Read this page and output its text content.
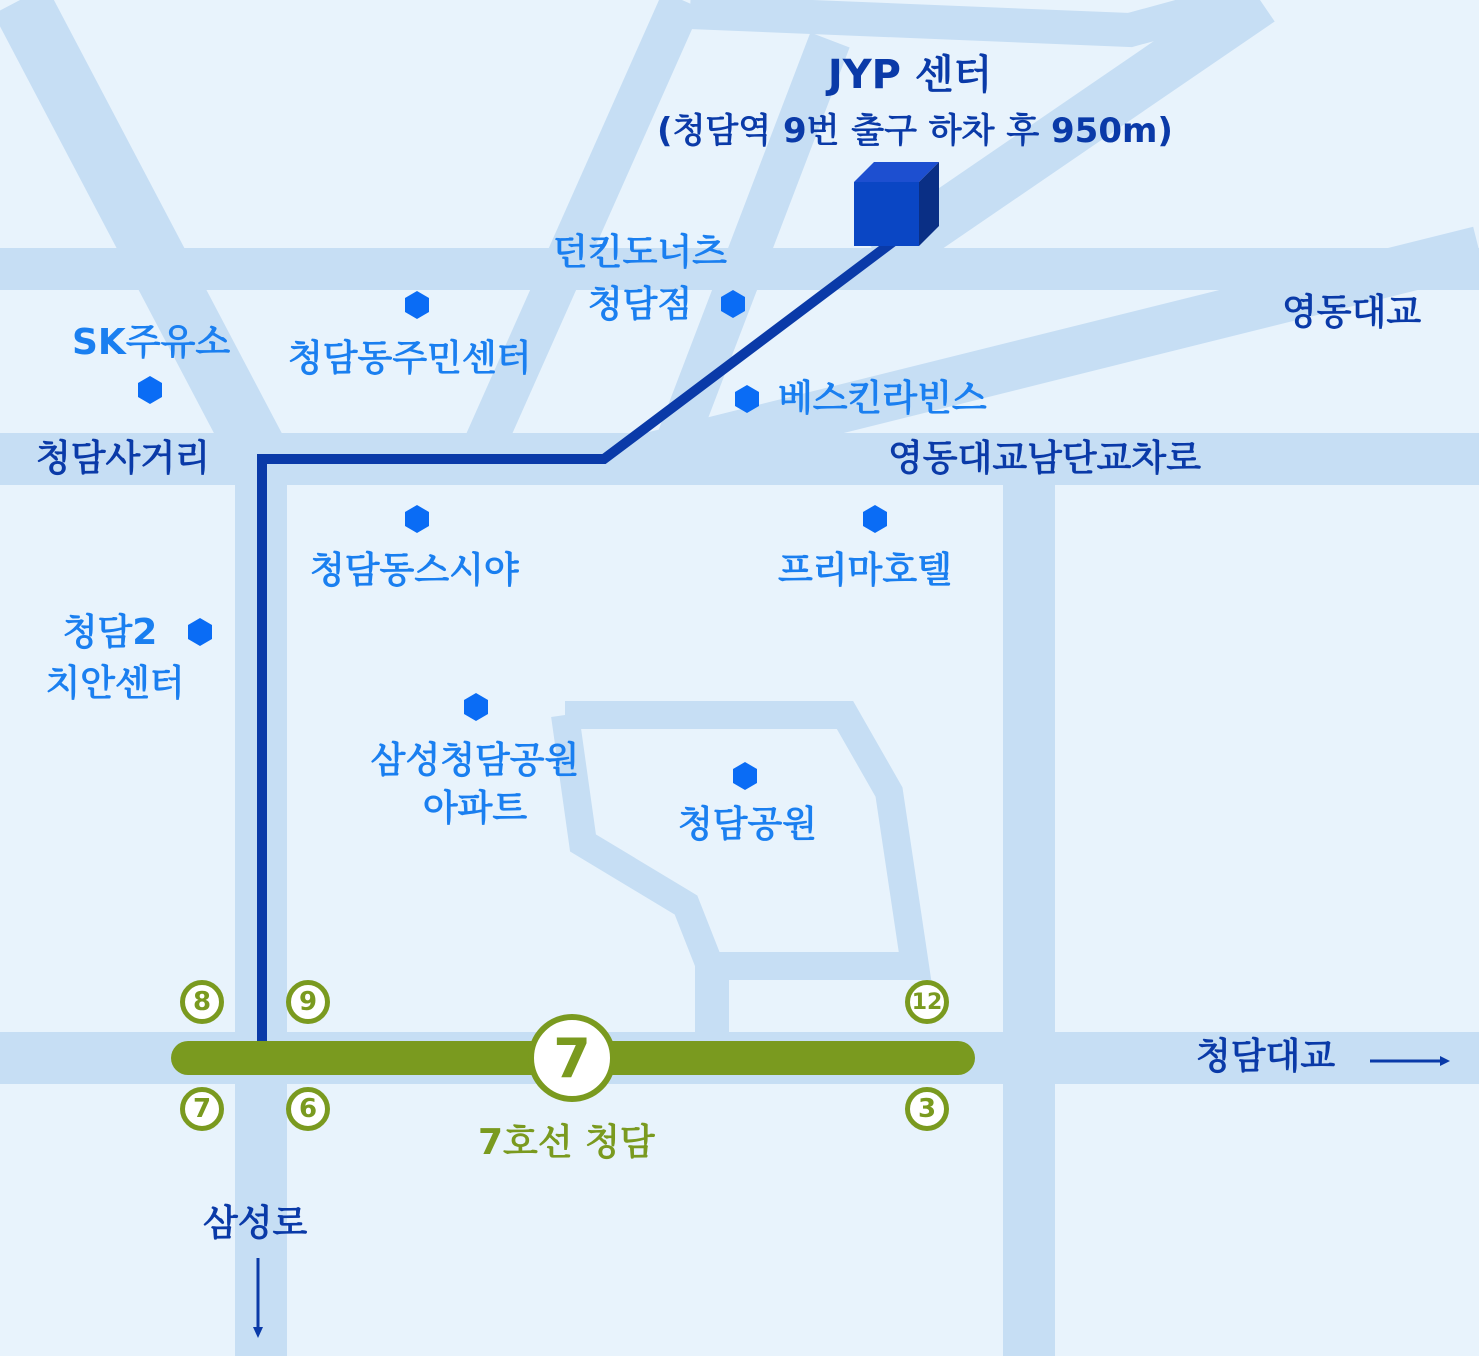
JYP 센터
(청담역 9번 출구 하차 후 950m)
SK주유소 청담동주민센터
던킨도너츠
청담점
베스킨라빈스
청담동스시야	프리마호텔
청담2
치안센터
삼성청담공원
아파트	청담공원
청담사거리
영동대교
영동대교남단교차로
청담대교
삼성로
7
7호선 청담
8	9	12
7	6	3
